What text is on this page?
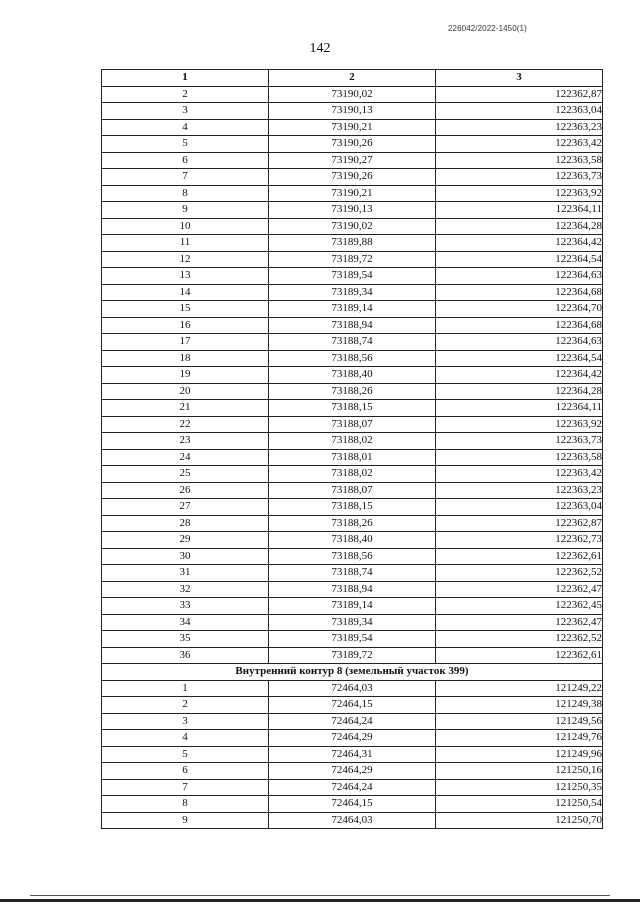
226042/2022-1450(1)
142
1	2	3
2	73190,02	122362,87
3	73190,13	122363,04
4	73190,21	122363,23
5	73190,26	122363,42
6	73190,27	122363,58
7	73190,26	122363,73
8	73190,21	122363,92
9	73190,13	122364,11
10	73190,02	122364,28
11	73189,88	122364,42
12	73189,72	122364,54
13	73189,54	122364,63
14	73189,34	122364,68
15	73189,14	122364,70
16	73188,94	122364,68
17	73188,74	122364,63
18	73188,56	122364,54
19	73188,40	122364,42
20	73188,26	122364,28
21	73188,15	122364,11
22	73188,07	122363,92
23	73188,02	122363,73
24	73188,01	122363,58
25	73188,02	122363,42
26	73188,07	122363,23
27	73188,15	122363,04
28	73188,26	122362,87
29	73188,40	122362,73
30	73188,56	122362,61
31	73188,74	122362,52
32	73188,94	122362,47
33	73189,14	122362,45
34	73189,34	122362,47
35	73189,54	122362,52
36	73189,72	122362,61
Внутренний контур 8 (земельный участок 399)		
1	72464,03	121249,22
2	72464,15	121249,38
3	72464,24	121249,56
4	72464,29	121249,76
5	72464,31	121249,96
6	72464,29	121250,16
7	72464,24	121250,35
8	72464,15	121250,54
9	72464,03	121250,70
